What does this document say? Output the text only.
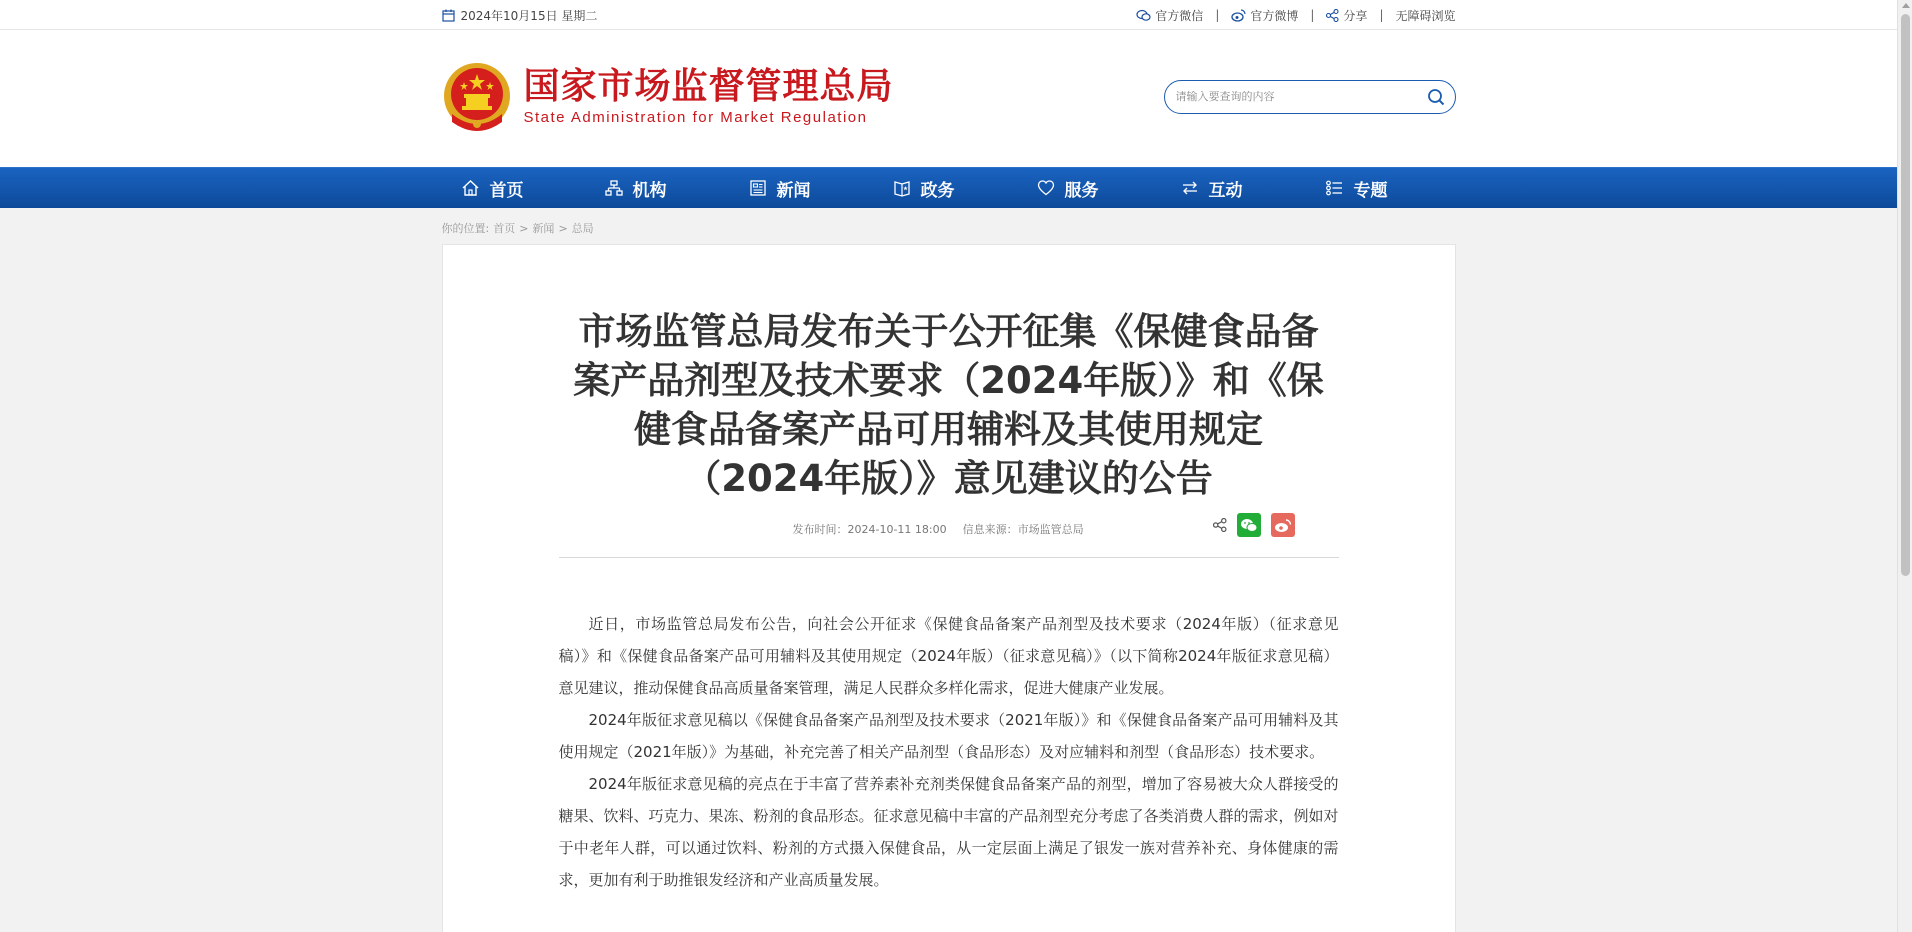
2024年10月15日 星期二	官方微信 |	官方微博 | 分享 | 无障碍浏览
国家市场监督管理总局
State Administration for Market Regulation
请输入要查询的内容
首页	机构	新闻	政务	服务	互动	专题
你的位置: 首页 > 新闻 > 总局
市场监管总局发布关于公开征集《保健食品备案产品剂型及技术要求（2024年版）》和《保健食品备案产品可用辅料及其使用规定（2024年版）》意见建议的公告
发布时间：2024-10-11 18:00 信息来源：市场监管总局

近日，市场监管总局发布公告，向社会公开征求《保健食品备案产品剂型及技术要求（2024年版）（征求意见稿）》和《保健食品备案产品可用辅料及其使用规定（2024年版）（征求意见稿）》（以下简称2024年版征求意见稿）意见建议，推动保健食品高质量备案管理，满足人民群众多样化需求，促进大健康产业发展。

2024年版征求意见稿以《保健食品备案产品剂型及技术要求（2021年版）》和《保健食品备案产品可用辅料及其使用规定（2021年版）》为基础，补充完善了相关产品剂型（食品形态）及对应辅料和剂型（食品形态）技术要求。

2024年版征求意见稿的亮点在于丰富了营养素补充剂类保健食品备案产品的剂型，增加了容易被大众人群接受的糖果、饮料、巧克力、果冻、粉剂的食品形态。征求意见稿中丰富的产品剂型充分考虑了各类消费人群的需求，例如对于中老年人群，可以通过饮料、粉剂的方式摄入保健食品，从一定层面上满足了银发一族对营养补充、身体健康的需求，更加有利于助推银发经济和产业高质量发展。
